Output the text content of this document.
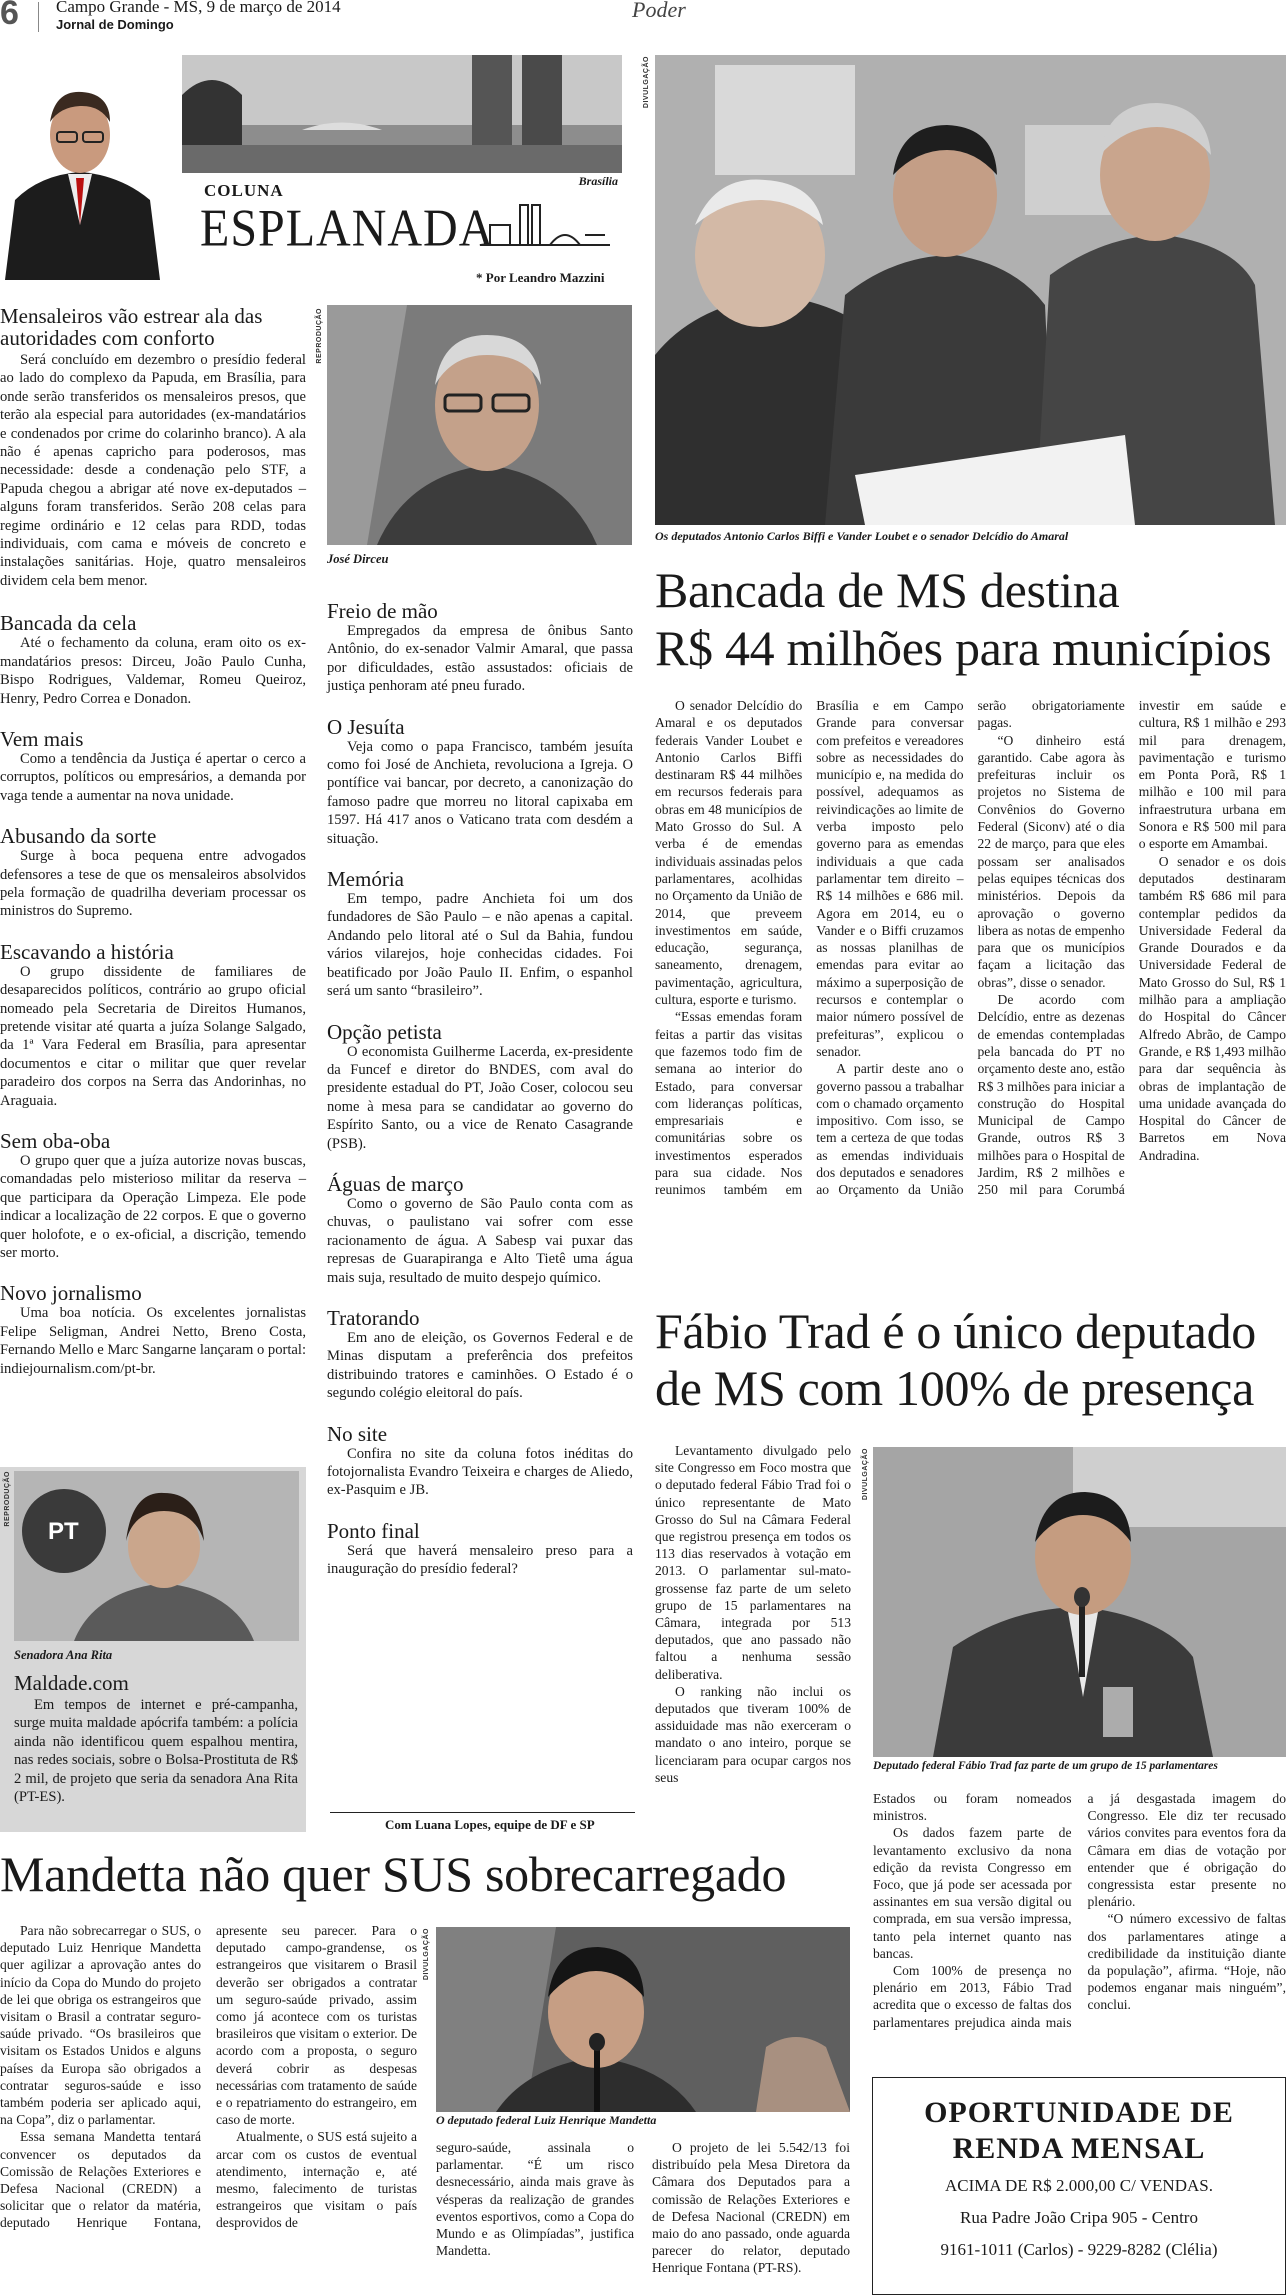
6 Campo Grande - MS, 9 de março de 2014
Jornal de Domingo
Poder
Brasília
COLUNA
ESPLANADA
* Por Leandro Mazzini
Mensaleiros vão estrear ala das autoridades com conforto

Será concluído em dezembro o presídio federal ao lado do complexo da Papuda, em Brasília, para onde serão transferidos os mensaleiros presos, que terão ala especial para autoridades (ex-mandatários e condenados por crime do colarinho branco). A ala não é apenas capricho para poderosos, mas necessidade: desde a condenação pelo STF, a Papuda chegou a abrigar até nove ex-deputados – alguns foram transferidos. Serão 208 celas para regime ordinário e 12 celas para RDD, todas individuais, com cama e móveis de concreto e instalações sanitárias. Hoje, quatro mensaleiros dividem cela bem menor.

Bancada da cela

Até o fechamento da coluna, eram oito os ex-mandatários presos: Dirceu, João Paulo Cunha, Bispo Rodrigues, Valdemar, Romeu Queiroz, Henry, Pedro Correa e Donadon.

Vem mais

Como a tendência da Justiça é apertar o cerco a corruptos, políticos ou empresários, a demanda por vaga tende a aumentar na nova unidade.

Abusando da sorte

Surge à boca pequena entre advogados defensores a tese de que os mensaleiros absolvidos pela formação de quadrilha deveriam processar os ministros do Supremo.

Escavando a história

O grupo dissidente de familiares de desaparecidos políticos, contrário ao grupo oficial nomeado pela Secretaria de Direitos Humanos, pretende visitar até quarta a juíza Solange Salgado, da 1ª Vara Federal em Brasília, para apresentar documentos e citar o militar que quer revelar paradeiro dos corpos na Serra das Andorinhas, no Araguaia.

Sem oba-oba

O grupo quer que a juíza autorize novas buscas, comandadas pelo misterioso militar da reserva – que participara da Operação Limpeza. Ele pode indicar a localização de 22 corpos. E que o governo quer holofote, e o ex-oficial, a discrição, temendo ser morto.

Novo jornalismo

Uma boa notícia. Os excelentes jornalistas Felipe Seligman, Andrei Netto, Breno Costa, Fernando Mello e Marc Sangarne lançaram o portal: indiejournalism.com/pt-br.

REPRODUÇÃO
PT
Senadora Ana Rita
Maldade.com

Em tempos de internet e pré-campanha, surge muita maldade apócrifa também: a polícia ainda não identificou quem espalhou mentira, nas redes sociais, sobre o Bolsa-Prostituta de R$ 2 mil, de projeto que seria da senadora Ana Rita (PT-ES).

REPRODUÇÃO
José Dirceu
Freio de mão

Empregados da empresa de ônibus Santo Antônio, do ex-senador Valmir Amaral, que passa por dificuldades, estão assustados: oficiais de justiça penhoram até pneu furado.

O Jesuíta

Veja como o papa Francisco, também jesuíta como foi José de Anchieta, revoluciona a Igreja. O pontífice vai bancar, por decreto, a canonização do famoso padre que morreu no litoral capixaba em 1597. Há 417 anos o Vaticano trata com desdém a situação.

Memória

Em tempo, padre Anchieta foi um dos fundadores de São Paulo – e não apenas a capital. Andando pelo litoral até o Sul da Bahia, fundou vários vilarejos, hoje conhecidas cidades. Foi beatificado por João Paulo II. Enfim, o espanhol será um santo “brasileiro”.

Opção petista

O economista Guilherme Lacerda, ex-presidente da Funcef e diretor do BNDES, com aval do presidente estadual do PT, João Coser, colocou seu nome à mesa para se candidatar ao governo do Espírito Santo, ou a vice de Renato Casagrande (PSB).

Águas de março

Como o governo de São Paulo conta com as chuvas, o paulistano vai sofrer com esse racionamento de água. A Sabesp vai puxar das represas de Guarapiranga e Alto Tietê uma água mais suja, resultado de muito despejo químico.

Tratorando

Em ano de eleição, os Governos Federal e de Minas disputam a preferência dos prefeitos distribuindo tratores e caminhões. O Estado é o segundo colégio eleitoral do país.

No site

Confira no site da coluna fotos inéditas do fotojornalista Evandro Teixeira e charges de Aliedo, ex-Pasquim e JB.

Ponto final

Será que haverá mensaleiro preso para a inauguração do presídio federal?

Com Luana Lopes, equipe de DF e SP
DIVULGAÇÃO
Os deputados Antonio Carlos Biffi e Vander Loubet e o senador Delcídio do Amaral
Bancada de MS destina
R$ 44 milhões para municípios

O senador Delcídio do Amaral e os deputados federais Vander Loubet e Antonio Carlos Biffi destinaram R$ 44 milhões em recursos federais para obras em 48 municípios de Mato Grosso do Sul. A verba é de emendas individuais assinadas pelos parlamentares, acolhidas no Orçamento da União de 2014, que preveem investimentos em saúde, educação, segurança, saneamento, drenagem, pavimentação, agricultura, cultura, esporte e turismo.

“Essas emendas foram feitas a partir das visitas que fazemos todo fim de semana ao interior do Estado, para conversar com lideranças políticas, empresariais e comunitárias sobre os investimentos esperados para sua cidade. Nos reunimos também em Brasília e em Campo Grande para conversar com prefeitos e vereadores sobre as necessidades do município e, na medida do possível, adequamos as reivindicações ao limite de verba imposto pelo governo para as emendas individuais a que cada parlamentar tem direito – R$ 14 milhões e 686 mil. Agora em 2014, eu o Vander e o Biffi cruzamos as nossas planilhas de emendas para evitar ao máximo a superposição de recursos e contemplar o maior número possível de prefeituras”, explicou o senador.

A partir deste ano o governo passou a trabalhar com o chamado orçamento impositivo. Com isso, se tem a certeza de que todas as emendas individuais dos deputados e senadores ao Orçamento da União serão obrigatoriamente pagas.

“O dinheiro está garantido. Cabe agora às prefeituras incluir os projetos no Sistema de Convênios do Governo Federal (Siconv) até o dia 22 de março, para que eles possam ser analisados pelas equipes técnicas dos ministérios. Depois da aprovação o governo libera as notas de empenho para que os municípios façam a licitação das obras”, disse o senador.

De acordo com Delcídio, entre as dezenas de emendas contempladas pela bancada do PT no orçamento deste ano, estão R$ 3 milhões para iniciar a construção do Hospital Municipal de Campo Grande, outros R$ 3 milhões para o Hospital de Jardim, R$ 2 milhões e 250 mil para Corumbá investir em saúde e cultura, R$ 1 milhão e 293 mil para drenagem, pavimentação e turismo em Ponta Porã, R$ 1 milhão e 100 mil para infraestrutura urbana em Sonora e R$ 500 mil para o esporte em Amambai.

O senador e os dois deputados destinaram também R$ 686 mil para contemplar pedidos da Universidade Federal da Grande Dourados e da Universidade Federal de Mato Grosso do Sul, R$ 1 milhão para a ampliação do Hospital do Câncer Alfredo Abrão, de Campo Grande, e R$ 1,493 milhão para dar sequência às obras de implantação de uma unidade avançada do Hospital do Câncer de Barretos em Nova Andradina.

Fábio Trad é o único deputado
de MS com 100% de presença

Levantamento divulgado pelo site Congresso em Foco mostra que o deputado federal Fábio Trad foi o único representante de Mato Grosso do Sul na Câmara Federal que registrou presença em todos os 113 dias reservados à votação em 2013. O parlamentar sul-mato-grossense faz parte de um seleto grupo de 15 parlamentares na Câmara, integrada por 513 deputados, que ano passado não faltou a nenhuma sessão deliberativa.

O ranking não inclui os deputados que tiveram 100% de assiduidade mas não exerceram o mandato o ano inteiro, porque se licenciaram para ocupar cargos nos seus

DIVULGAÇÃO
Deputado federal Fábio Trad faz parte de um grupo de 15 parlamentares

Estados ou foram nomeados ministros.

Os dados fazem parte de levantamento exclusivo da nona edição da revista Congresso em Foco, que já pode ser acessada por assinantes em sua versão digital ou comprada, em sua versão impressa, tanto pela internet quanto nas bancas.

Com 100% de presença no plenário em 2013, Fábio Trad acredita que o excesso de faltas dos parlamentares prejudica ainda mais a já desgastada imagem do Congresso. Ele diz ter recusado vários convites para eventos fora da Câmara em dias de votação por entender que é obrigação do congressista estar presente no plenário.

“O número excessivo de faltas dos parlamentares atinge a credibilidade da instituição diante da população”, afirma. “Hoje, não podemos enganar mais ninguém”, conclui.

Mandetta não quer SUS sobrecarregado

Para não sobrecarregar o SUS, o deputado Luiz Henrique Mandetta quer agilizar a aprovação antes do início da Copa do Mundo do projeto de lei que obriga os estrangeiros que visitam o Brasil a contratar seguro-saúde privado. “Os brasileiros que visitam os Estados Unidos e alguns países da Europa são obrigados a contratar seguros-saúde e isso também poderia ser aplicado aqui, na Copa”, diz o parlamentar.

Essa semana Mandetta tentará convencer os deputados da Comissão de Relações Exteriores e Defesa Nacional (CREDN) a solicitar que o relator da matéria, deputado Henrique Fontana, apresente seu parecer. Para o deputado campo-grandense, os estrangeiros que visitarem o Brasil deverão ser obrigados a contratar um seguro-saúde privado, assim como já acontece com os turistas brasileiros que visitam o exterior. De acordo com a proposta, o seguro deverá cobrir as despesas necessárias com tratamento de saúde e o repatriamento do estrangeiro, em caso de morte.

Atualmente, o SUS está sujeito a arcar com os custos de eventual atendimento, internação e, até mesmo, falecimento de turistas estrangeiros que visitam o país desprovidos de

DIVULGAÇÃO
O deputado federal Luiz Henrique Mandetta

seguro-saúde, assinala o parlamentar. “É um risco desnecessário, ainda mais grave às vésperas da realização de grandes eventos esportivos, como a Copa do Mundo e as Olimpíadas”, justifica Mandetta.

O projeto de lei 5.542/13 foi distribuído pela Mesa Diretora da Câmara dos Deputados para a comissão de Relações Exteriores e de Defesa Nacional (CREDN) em maio do ano passado, onde aguarda parecer do relator, deputado Henrique Fontana (PT-RS).

OPORTUNIDADE DE
RENDA MENSAL
ACIMA DE R$ 2.000,00 C/ VENDAS.
Rua Padre João Cripa 905 - Centro
9161-1011 (Carlos) - 9229-8282 (Clélia)
